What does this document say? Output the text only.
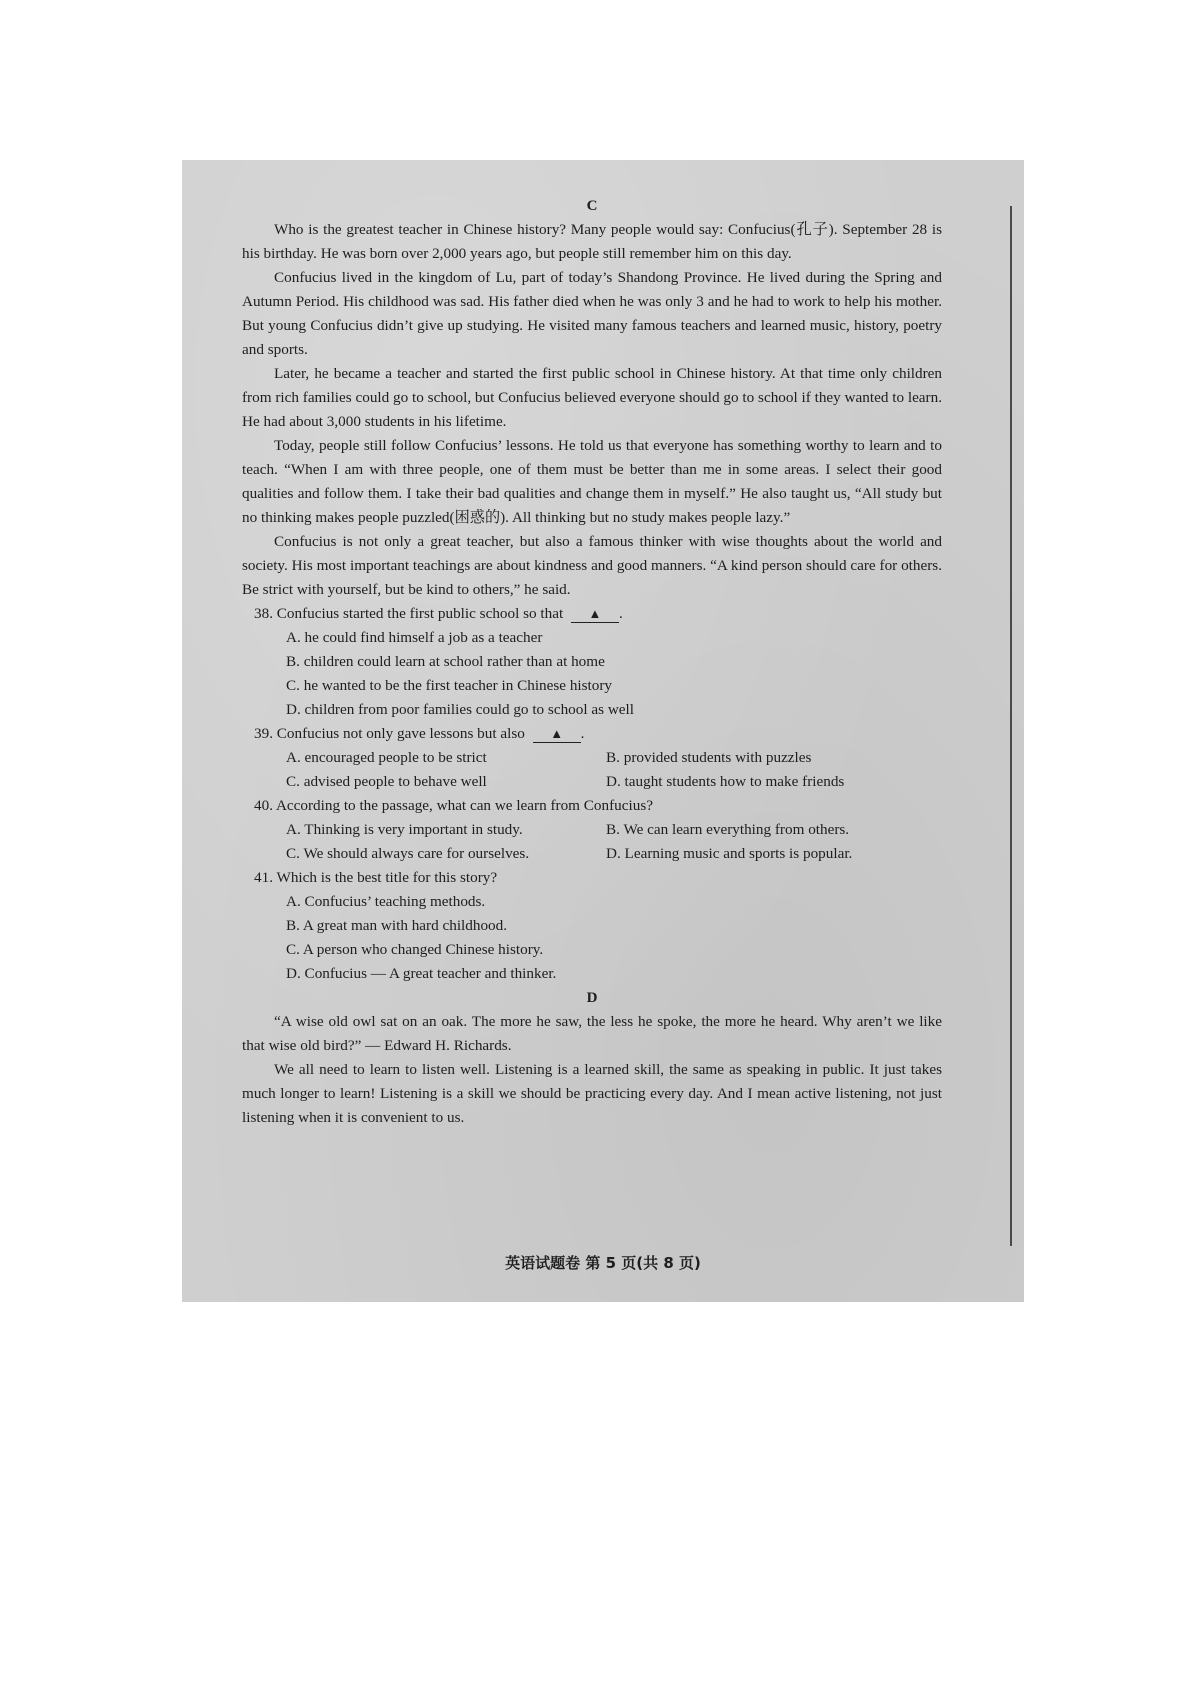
C

Who is the greatest teacher in Chinese history? Many people would say: Confucius(孔子). September 28 is his birthday. He was born over 2,000 years ago, but people still remember him on this day.

Confucius lived in the kingdom of Lu, part of today’s Shandong Province. He lived during the Spring and Autumn Period. His childhood was sad. His father died when he was only 3 and he had to work to help his mother. But young Confucius didn’t give up studying. He visited many famous teachers and learned music, history, poetry and sports.

Later, he became a teacher and started the first public school in Chinese history. At that time only children from rich families could go to school, but Confucius believed everyone should go to school if they wanted to learn. He had about 3,000 students in his lifetime.

Today, people still follow Confucius’ lessons. He told us that everyone has something worthy to learn and to teach. “When I am with three people, one of them must be better than me in some areas. I select their good qualities and follow them. I take their bad qualities and change them in myself.” He also taught us, “All study but no thinking makes people puzzled(困惑的). All thinking but no study makes people lazy.”

Confucius is not only a great teacher, but also a famous thinker with wise thoughts about the world and society. His most important teachings are about kindness and good manners. “A kind person should care for others. Be strict with yourself, but be kind to others,” he said.

38. Confucius started the first public school so that ▲ .

A. he could find himself a job as a teacher

B. children could learn at school rather than at home

C. he wanted to be the first teacher in Chinese history

D. children from poor families could go to school as well

39. Confucius not only gave lessons but also ▲ .

A. encouraged people to be strict	B. provided students with puzzles
C. advised people to behave well	D. taught students how to make friends

40. According to the passage, what can we learn from Confucius?

A. Thinking is very important in study.	B. We can learn everything from others.
C. We should always care for ourselves.	D. Learning music and sports is popular.

41. Which is the best title for this story?

A. Confucius’ teaching methods.

B. A great man with hard childhood.

C. A person who changed Chinese history.

D. Confucius — A great teacher and thinker.

D

“A wise old owl sat on an oak. The more he saw, the less he spoke, the more he heard. Why aren’t we like that wise old bird?” — Edward H. Richards.

We all need to learn to listen well. Listening is a learned skill, the same as speaking in public. It just takes much longer to learn! Listening is a skill we should be practicing every day. And I mean active listening, not just listening when it is convenient to us.

英语试题卷 第 5 页(共 8 页)
